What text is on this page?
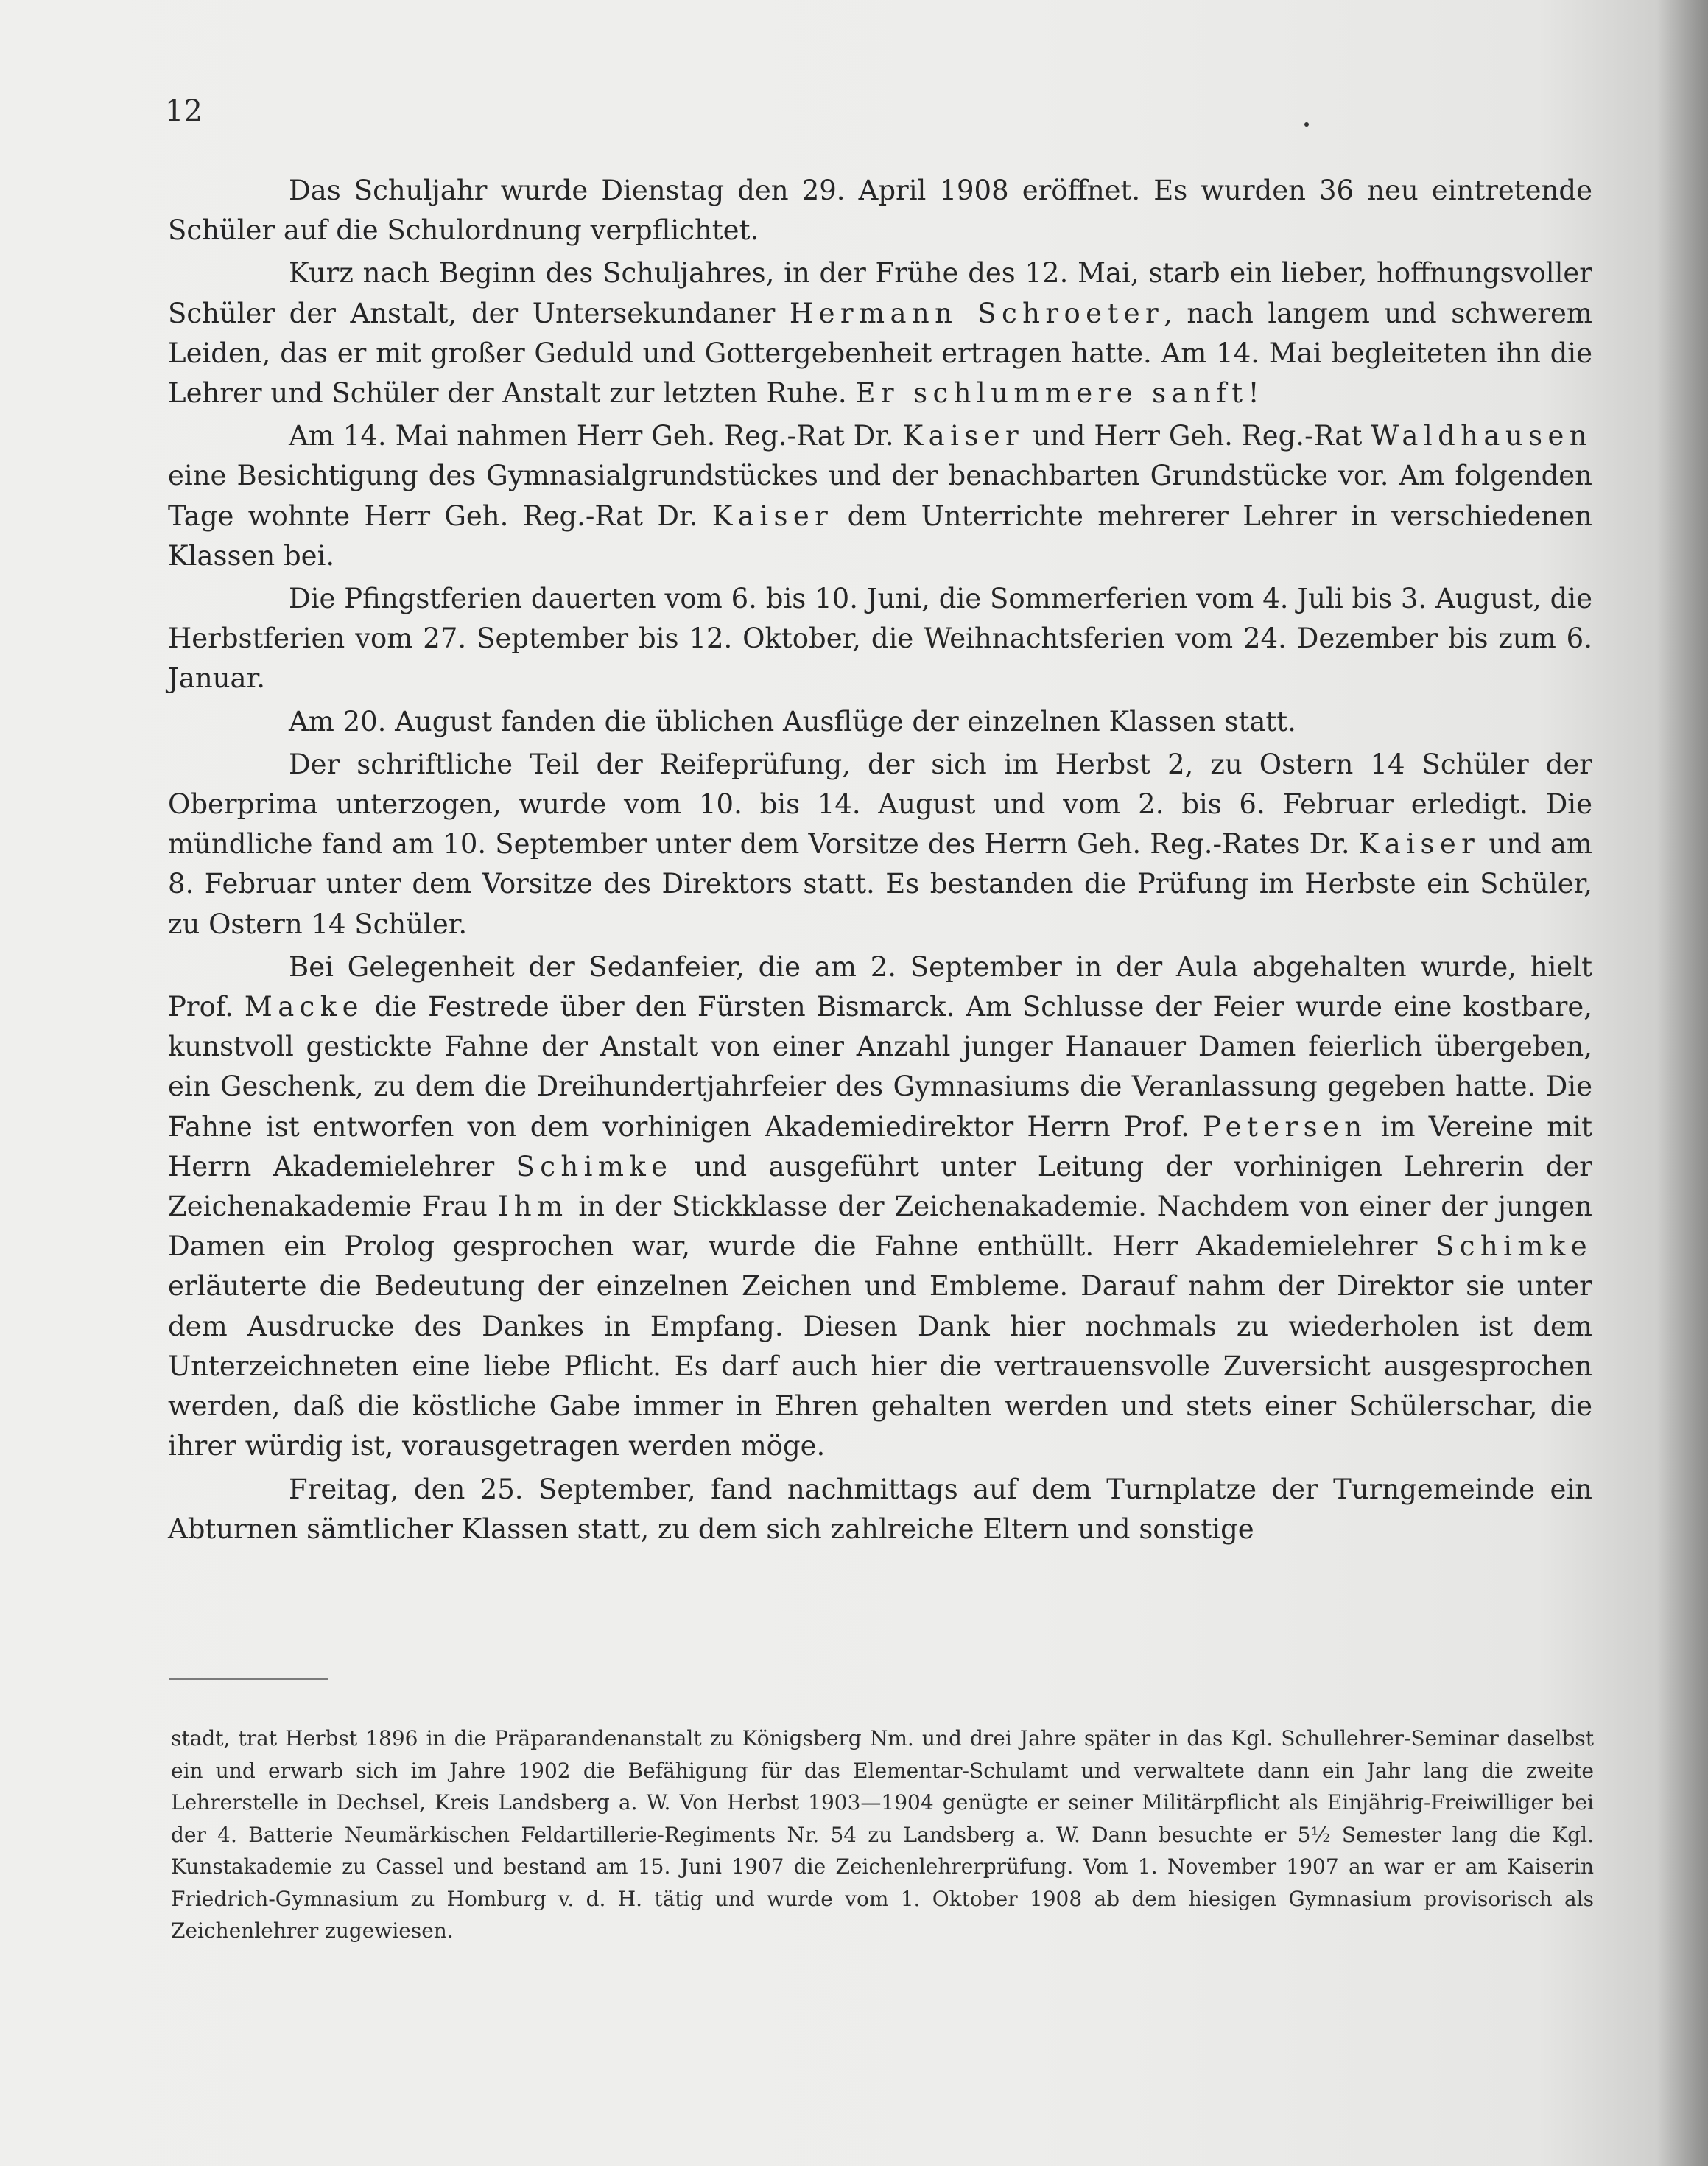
12

Das Schuljahr wurde Dienstag den 29. April 1908 eröffnet. Es wurden 36 neu eintretende Schüler auf die Schulordnung verpflichtet.

Kurz nach Beginn des Schuljahres, in der Frühe des 12. Mai, starb ein lieber, hoffnungsvoller Schüler der Anstalt, der Untersekundaner Hermann Schroeter, nach langem und schwerem Leiden, das er mit großer Geduld und Gottergebenheit ertragen hatte. Am 14. Mai begleiteten ihn die Lehrer und Schüler der Anstalt zur letzten Ruhe. Er schlummere sanft!

Am 14. Mai nahmen Herr Geh. Reg.-Rat Dr. Kaiser und Herr Geh. Reg.-Rat Waldhausen eine Besichtigung des Gymnasialgrundstückes und der benachbarten Grundstücke vor. Am folgenden Tage wohnte Herr Geh. Reg.-Rat Dr. Kaiser dem Unterrichte mehrerer Lehrer in verschiedenen Klassen bei.

Die Pfingstferien dauerten vom 6. bis 10. Juni, die Sommerferien vom 4. Juli bis 3. August, die Herbstferien vom 27. September bis 12. Oktober, die Weihnachtsferien vom 24. Dezember bis zum 6. Januar.

Am 20. August fanden die üblichen Ausflüge der einzelnen Klassen statt.

Der schriftliche Teil der Reifeprüfung, der sich im Herbst 2, zu Ostern 14 Schüler der Oberprima unterzogen, wurde vom 10. bis 14. August und vom 2. bis 6. Februar erledigt. Die mündliche fand am 10. September unter dem Vorsitze des Herrn Geh. Reg.-Rates Dr. Kaiser und am 8. Februar unter dem Vorsitze des Direktors statt. Es bestanden die Prüfung im Herbste ein Schüler, zu Ostern 14 Schüler.

Bei Gelegenheit der Sedanfeier, die am 2. September in der Aula abgehalten wurde, hielt Prof. Macke die Festrede über den Fürsten Bismarck. Am Schlusse der Feier wurde eine kostbare, kunstvoll gestickte Fahne der Anstalt von einer Anzahl junger Hanauer Damen feierlich übergeben, ein Geschenk, zu dem die Dreihundertjahrfeier des Gymnasiums die Veranlassung gegeben hatte. Die Fahne ist entworfen von dem vorhinigen Akademiedirektor Herrn Prof. Petersen im Vereine mit Herrn Akademielehrer Schimke und ausgeführt unter Leitung der vorhinigen Lehrerin der Zeichenakademie Frau Ihm in der Stickklasse der Zeichenakademie. Nachdem von einer der jungen Damen ein Prolog gesprochen war, wurde die Fahne enthüllt. Herr Akademielehrer Schimke erläuterte die Bedeutung der einzelnen Zeichen und Embleme. Darauf nahm der Direktor sie unter dem Ausdrucke des Dankes in Empfang. Diesen Dank hier nochmals zu wiederholen ist dem Unterzeichneten eine liebe Pflicht. Es darf auch hier die vertrauensvolle Zuversicht ausgesprochen werden, daß die köstliche Gabe immer in Ehren gehalten werden und stets einer Schülerschar, die ihrer würdig ist, vorausgetragen werden möge.

Freitag, den 25. September, fand nachmittags auf dem Turnplatze der Turngemeinde ein Abturnen sämtlicher Klassen statt, zu dem sich zahlreiche Eltern und sonstige

stadt, trat Herbst 1896 in die Präparandenanstalt zu Königsberg Nm. und drei Jahre später in das Kgl. Schullehrer-Seminar daselbst ein und erwarb sich im Jahre 1902 die Befähigung für das Elementar-Schulamt und verwaltete dann ein Jahr lang die zweite Lehrerstelle in Dechsel, Kreis Landsberg a. W. Von Herbst 1903—1904 genügte er seiner Militärpflicht als Einjährig-Freiwilliger bei der 4. Batterie Neumärkischen Feldartillerie-Regiments Nr. 54 zu Landsberg a. W. Dann besuchte er 5½ Semester lang die Kgl. Kunstakademie zu Cassel und bestand am 15. Juni 1907 die Zeichenlehrerprüfung. Vom 1. November 1907 an war er am Kaiserin Friedrich-Gymnasium zu Homburg v. d. H. tätig und wurde vom 1. Oktober 1908 ab dem hiesigen Gymnasium provisorisch als Zeichenlehrer zugewiesen.
